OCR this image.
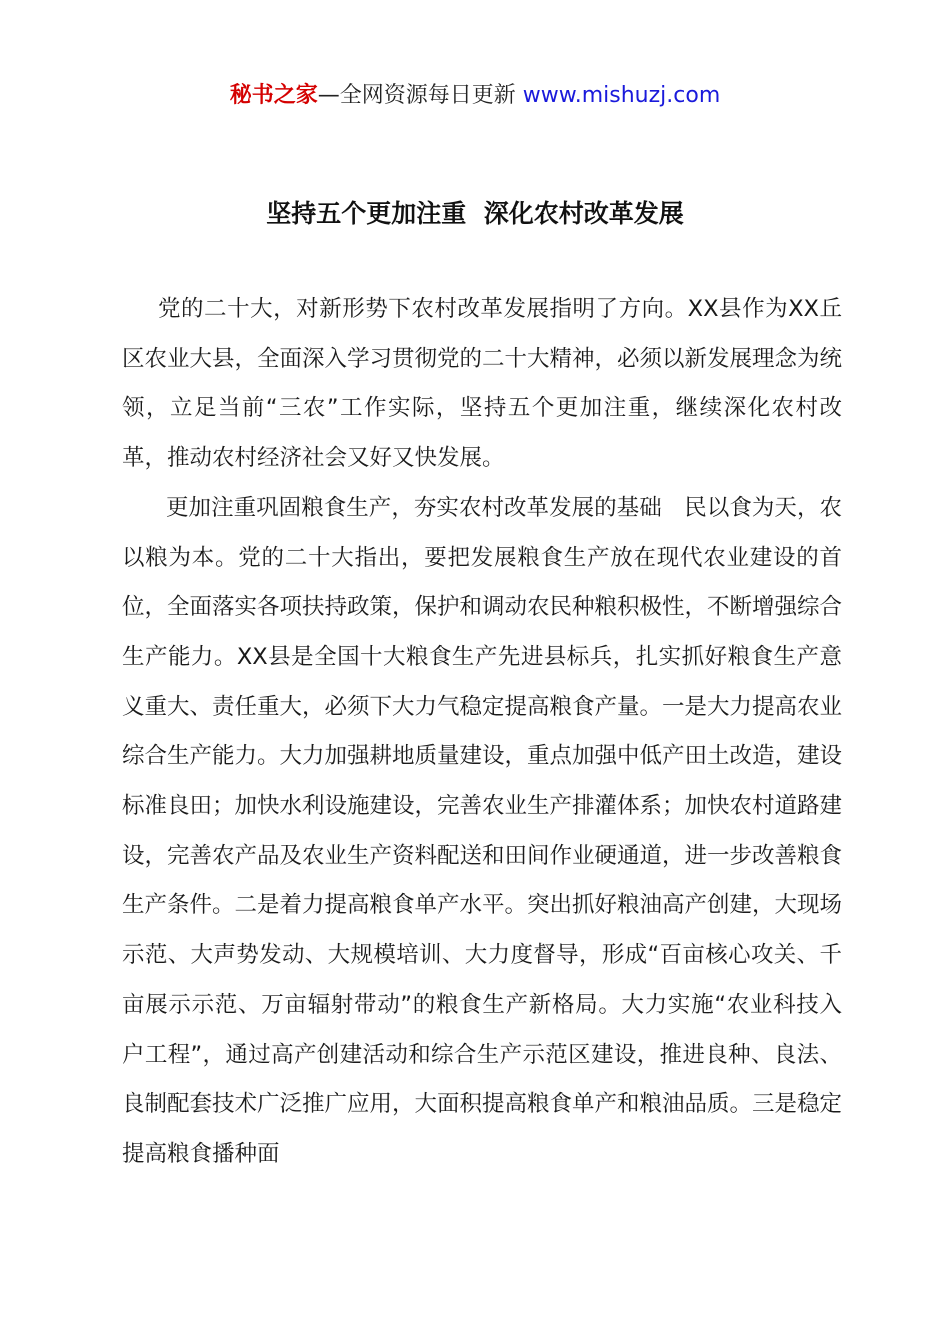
秘书之家—全网资源每日更新 www.mishuzj.com
坚持五个更加注重  深化农村改革发展

党的二十大，对新形势下农村改革发展指明了方向。XX县作为XX丘区农业大县，全面深入学习贯彻党的二十大精神，必须以新发展理念为统领，立足当前“三农”工作实际，坚持五个更加注重，继续深化农村改革，推动农村经济社会又好又快发展。

更加注重巩固粮食生产，夯实农村改革发展的基础　民以食为天，农以粮为本。党的二十大指出，要把发展粮食生产放在现代农业建设的首位，全面落实各项扶持政策，保护和调动农民种粮积极性，不断增强综合生产能力。XX县是全国十大粮食生产先进县标兵，扎实抓好粮食生产意义重大、责任重大，必须下大力气稳定提高粮食产量。一是大力提高农业综合生产能力。大力加强耕地质量建设，重点加强中低产田土改造，建设标准良田；加快水利设施建设，完善农业生产排灌体系；加快农村道路建设，完善农产品及农业生产资料配送和田间作业硬通道，进一步改善粮食生产条件。二是着力提高粮食单产水平。突出抓好粮油高产创建，大现场示范、大声势发动、大规模培训、大力度督导，形成“百亩核心攻关、千亩展示示范、万亩辐射带动”的粮食生产新格局。大力实施“农业科技入户工程”，通过高产创建活动和综合生产示范区建设，推进良种、良法、良制配套技术广泛推广应用，大面积提高粮食单产和粮油品质。三是稳定提高粮食播种面
